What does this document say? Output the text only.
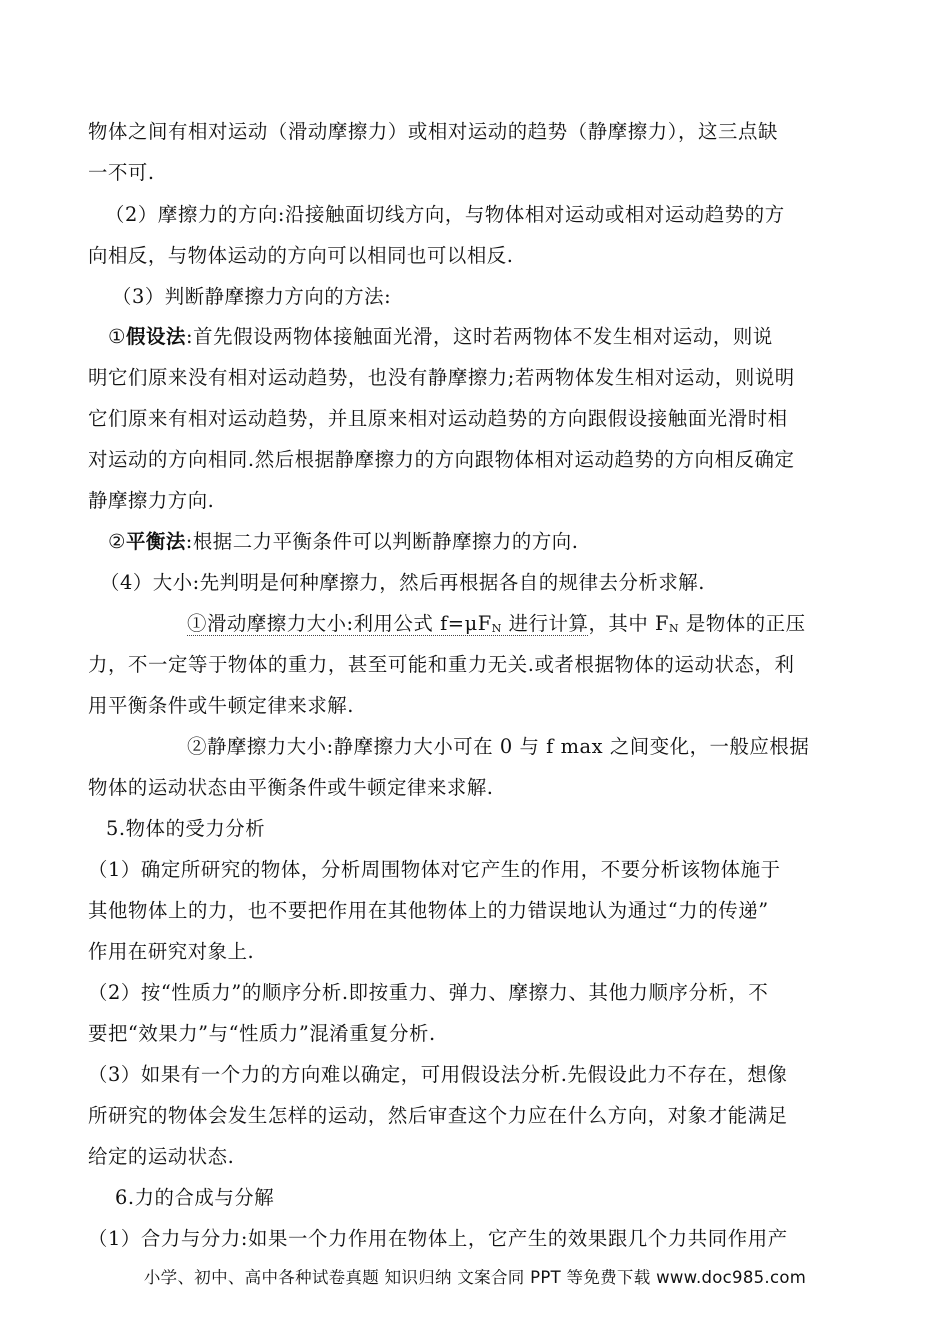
物体之间有相对运动（滑动摩擦力）或相对运动的趋势（静摩擦力），这三点缺
一不可.
（2）摩擦力的方向:沿接触面切线方向，与物体相对运动或相对运动趋势的方
向相反，与物体运动的方向可以相同也可以相反.
（3）判断静摩擦力方向的方法:
①假设法:首先假设两物体接触面光滑，这时若两物体不发生相对运动，则说
明它们原来没有相对运动趋势，也没有静摩擦力;若两物体发生相对运动，则说明
它们原来有相对运动趋势，并且原来相对运动趋势的方向跟假设接触面光滑时相
对运动的方向相同.然后根据静摩擦力的方向跟物体相对运动趋势的方向相反确定
静摩擦力方向.
②平衡法:根据二力平衡条件可以判断静摩擦力的方向.
（4）大小:先判明是何种摩擦力，然后再根据各自的规律去分析求解.
①滑动摩擦力大小:利用公式 f=μFN 进行计算，其中 FN 是物体的正压
力，不一定等于物体的重力，甚至可能和重力无关.或者根据物体的运动状态，利
用平衡条件或牛顿定律来求解.
②静摩擦力大小:静摩擦力大小可在 0 与 f max 之间变化，一般应根据
物体的运动状态由平衡条件或牛顿定律来求解.
5.物体的受力分析
（1）确定所研究的物体，分析周围物体对它产生的作用，不要分析该物体施于
其他物体上的力，也不要把作用在其他物体上的力错误地认为通过“力的传递”
作用在研究对象上.
（2）按“性质力”的顺序分析.即按重力、弹力、摩擦力、其他力顺序分析，不
要把“效果力”与“性质力”混淆重复分析.
（3）如果有一个力的方向难以确定，可用假设法分析.先假设此力不存在，想像
所研究的物体会发生怎样的运动，然后审查这个力应在什么方向，对象才能满足
给定的运动状态.
6.力的合成与分解
（1）合力与分力:如果一个力作用在物体上，它产生的效果跟几个力共同作用产
小学、初中、高中各种试卷真题 知识归纳 文案合同 PPT 等免费下载 www.doc985.com
